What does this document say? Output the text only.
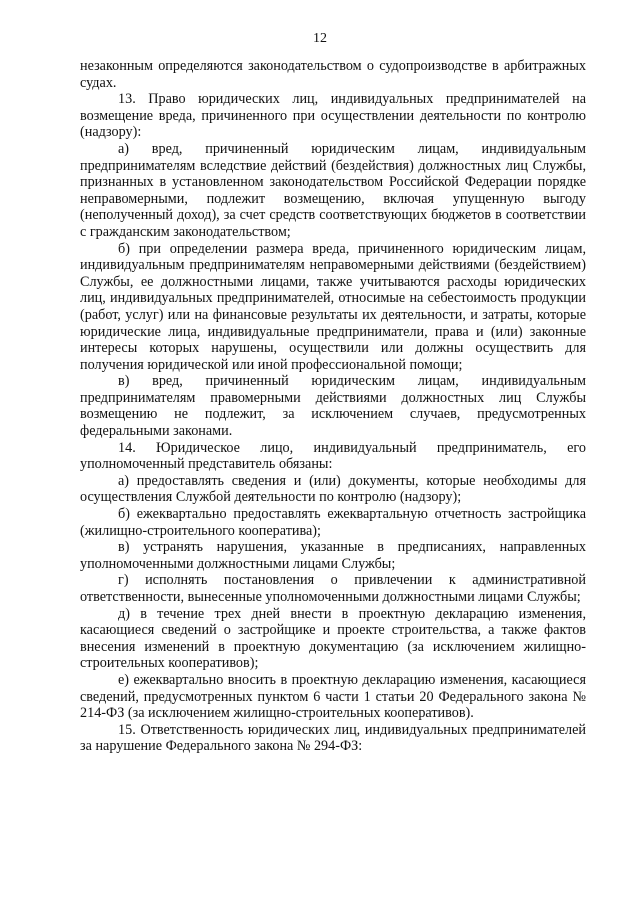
12

незаконным определяются законодательством о судопроизводстве в арбитражных судах.

13. Право юридических лиц, индивидуальных предпринимателей на возмещение вреда, причиненного при осуществлении деятельности по контролю (надзору):

а) вред, причиненный юридическим лицам, индивидуальным предпринимателям вследствие действий (бездействия) должностных лиц Службы, признанных в установленном законодательством Российской Федерации порядке неправомерными, подлежит возмещению, включая упущенную выгоду (неполученный доход), за счет средств соответствующих бюджетов в соответствии с гражданским законодательством;

б) при определении размера вреда, причиненного юридическим лицам, индивидуальным предпринимателям неправомерными действиями (бездействием) Службы, ее должностными лицами, также учитываются расходы юридических лиц, индивидуальных предпринимателей, относимые на себестоимость продукции (работ, услуг) или на финансовые результаты их деятельности, и затраты, которые юридические лица, индивидуальные предприниматели, права и (или) законные интересы которых нарушены, осуществили или должны осуществить для получения юридической или иной профессиональной помощи;

в) вред, причиненный юридическим лицам, индивидуальным предпринимателям правомерными действиями должностных лиц Службы возмещению не подлежит, за исключением случаев, предусмотренных федеральными законами.

14. Юридическое лицо, индивидуальный предприниматель, его уполномоченный представитель обязаны:

а) предоставлять сведения и (или) документы, которые необходимы для осуществления Службой деятельности по контролю (надзору);

б) ежеквартально предоставлять ежеквартальную отчетность застройщика (жилищно-строительного кооператива);

в) устранять нарушения, указанные в предписаниях, направленных уполномоченными должностными лицами Службы;

г) исполнять постановления о привлечении к административной ответственности, вынесенные уполномоченными должностными лицами Службы;

д) в течение трех дней внести в проектную декларацию изменения, касающиеся сведений о застройщике и проекте строительства, а также фактов внесения изменений в проектную документацию (за исключением жилищно-строительных кооперативов);

е) ежеквартально вносить в проектную декларацию изменения, касающиеся сведений, предусмотренных пунктом 6 части 1 статьи 20 Федерального закона № 214-ФЗ (за исключением жилищно-строительных кооперативов).

15. Ответственность юридических лиц, индивидуальных предпринимателей за нарушение Федерального закона № 294-ФЗ:
